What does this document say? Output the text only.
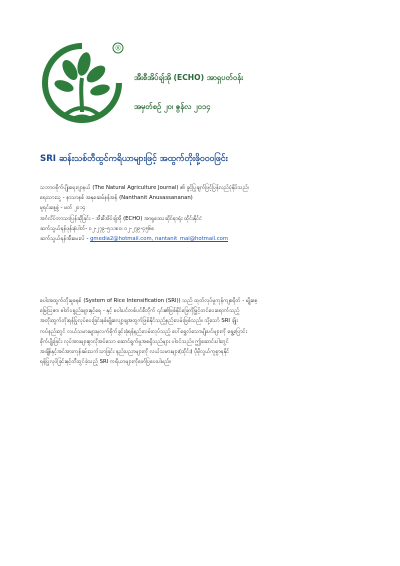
®
အီးစီအိပ်ချ်အို (ECHO) အာရှပတ်ဝန်း
အမှတ်စဉ် ၂၀၊ ဇွန်လ ၂၀၁၄
SRI ဆန်းသစ်တီထွင်ကရိယာများဖြင့် အထွက်တိုးဖို့ဝဝဝဖြင်း
သဘာဝစိုက်ပျိုးရေးဂျာနယ် (The Natural Agriculture Journal) ၏ ခွင့်ပြုချက်ဖြင့်ပြန်လည်ပုံနှိပ်သည်၊
ရေးသားသူ - နာသာနစ် အနုဆေမ်နန်အန် (Nanthanit Anusassananan)
မူရင်းနေ့စွဲ - မတ် ၂၀၁၄
အင်္ဂလိပ်ဘာသာပြန်ဆိုခြင်း - အီးစီအိပ်ချ်အို (ECHO) အာရှဒေသဆိုင်ရာရုံး ထိုင်းနိုင်ငံ
ဆက်သွယ်ရန်ဖုန်းနံပါတ်- ၀၂-၂၇၉-၅၁၁၈၀၊ ၀၂-၂၇၉-၄၅၆၈
ဆက်သွယ်ရန်အီးမေးလ် - gmedia2@hotmail.com, nantanit_mai@hotmail.com
စပါးအထွက်တိုးမှုစနစ် (System of Rice Intensification (SRI)) သည် ထုတ်လုပ်မှုကုန်ကျစရိတ် - မျိုးစေ့
မြေဩဇာ၊ ဓါတ်ပစ္စည်းများနှင့်ရေ - နှင့် စပါးပင်တစ်ပင်စီတိုက် ၎င်း၏ဖြစ်နိုင်ခြေကိုမြှင့်တင်ပေးရောက်သည့်
အတိုးထွက်တိုးရန်ပြုလုပ်ပေးခြင်းနစ်မျိုးလျော့ချအထွက်ဖြစ်နိုင်သည့်နည်းလမ်းဖြစ်သည်။ သို့သော် SRI ချိုး
ကပ်နည်းတွင် လယ်သမားများမှလက်စိုက်ခွင်းခုံရန်နည်းလမ်းလုပ်သည့် ပေါ်ရွှေလ်သောမျိုးပင်များကို ရွှေ့ပြောင်း
စိုက်ပျိုးခြင်း လုပ်အားများစွာလိုအပ်သော ဆောင်ရွက်မှုအစရှိသည်များ ပါဝင်သည်။ ဤဆောင်းပါးတွင်
အချိန်နှင့်အင်အားကုန်ခမ်းသက်သာခြင်း နည်းပညာများကို လယ်သမားများ(ထိုင်း) ပိုမိုလွယ်ကူစွာရနိုင်
ရန်ပြုလုပ်ခြင်းနှင့်တီထွင်ခဲ့သည့် SRI ကရိယာများကိုဖော်ပြပေးပါမည်။
